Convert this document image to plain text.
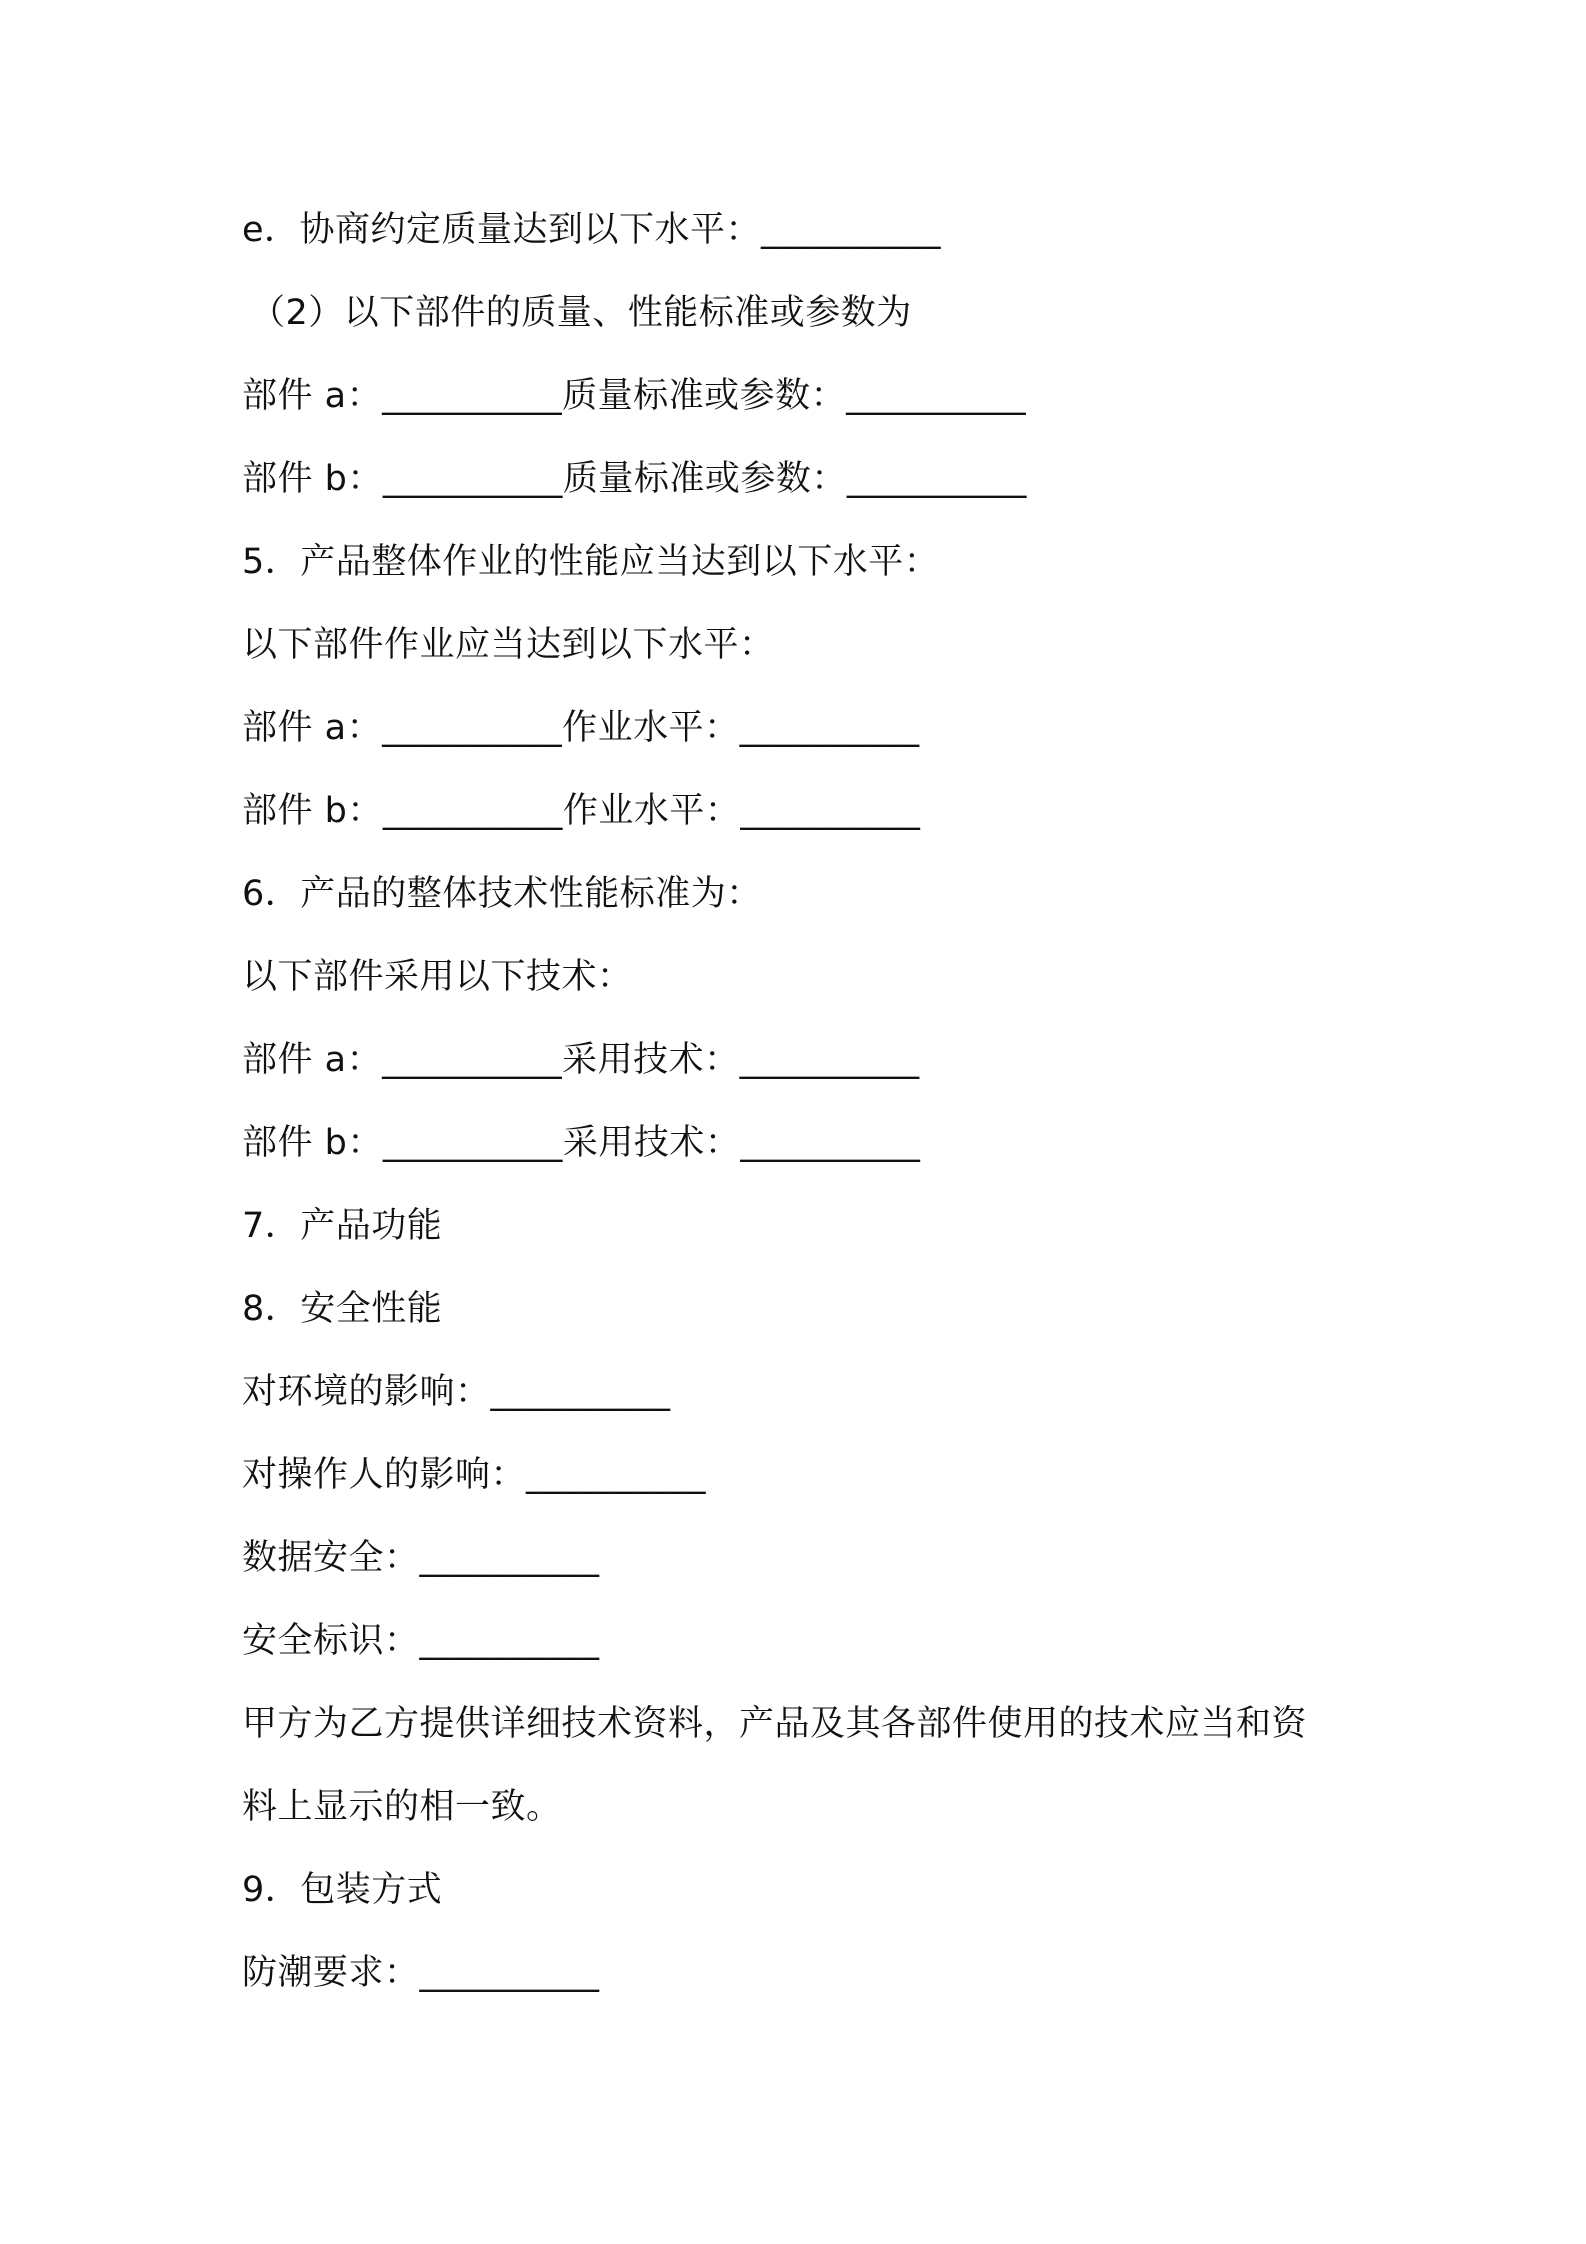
e．协商约定质量达到以下水平：__________
（2）以下部件的质量、性能标准或参数为
部件 a：__________质量标准或参数：__________
部件 b：__________质量标准或参数：__________
5．产品整体作业的性能应当达到以下水平：
以下部件作业应当达到以下水平：
部件 a：__________作业水平：__________
部件 b：__________作业水平：__________
6．产品的整体技术性能标准为：
以下部件采用以下技术：
部件 a：__________采用技术：__________
部件 b：__________采用技术：__________
7．产品功能
8．安全性能
对环境的影响：__________
对操作人的影响：__________
数据安全：__________
安全标识：__________
甲方为乙方提供详细技术资料，产品及其各部件使用的技术应当和资
料上显示的相一致。
9．包装方式
防潮要求：__________
